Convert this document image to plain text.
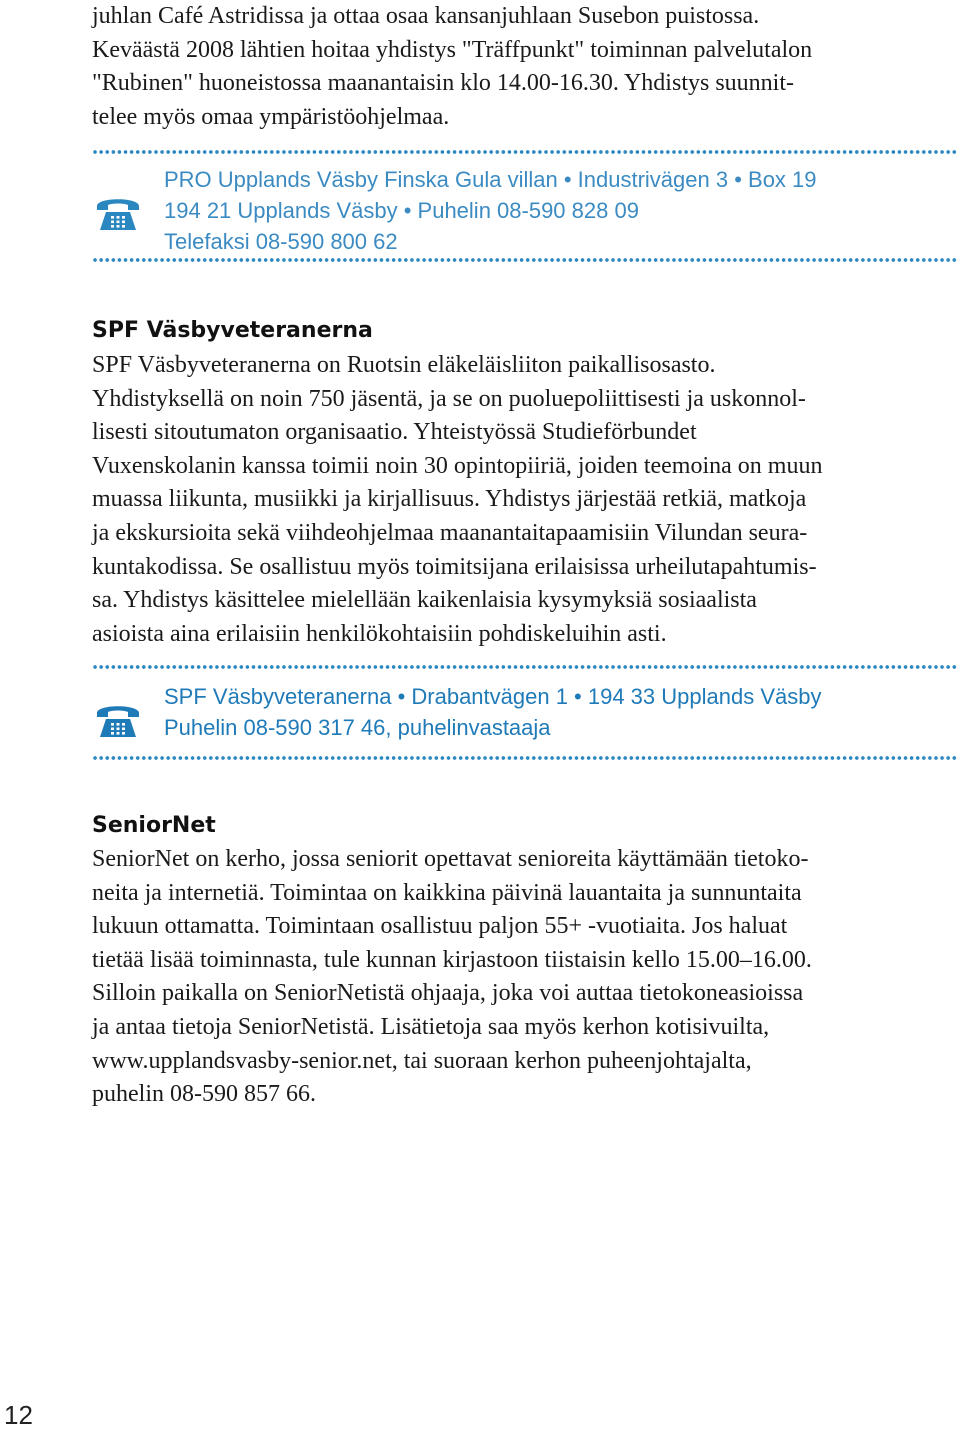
juhlan Café Astridissa ja ottaa osaa kansanjuhlaan Susebon puistossa.
Keväästä 2008 lähtien hoitaa yhdistys "Träffpunkt" toiminnan palvelutalon
"Rubinen" huoneistossa maanantaisin klo 14.00-16.30. Yhdistys suunnit-
telee myös omaa ympäristöohjelmaa.
PRO Upplands Väsby Finska Gula villan • Industrivägen 3 • Box 19
194 21 Upplands Väsby • Puhelin 08-590 828 09
Telefaksi 08-590 800 62
SPF Väsbyveteranerna
SPF Väsbyveteranerna on Ruotsin eläkeläisliiton paikallisosasto.
Yhdistyksellä on noin 750 jäsentä, ja se on puoluepoliittisesti ja uskonnol-
lisesti sitoutumaton organisaatio. Yhteistyössä Studieförbundet
Vuxenskolanin kanssa toimii noin 30 opintopiiriä, joiden teemoina on muun
muassa liikunta, musiikki ja kirjallisuus. Yhdistys järjestää retkiä, matkoja
ja ekskursioita sekä viihdeohjelmaa maanantaitapaamisiin Vilundan seura-
kuntakodissa. Se osallistuu myös toimitsijana erilaisissa urheilutapahtumis-
sa. Yhdistys käsittelee mielellään kaikenlaisia kysymyksiä sosiaalista
asioista aina erilaisiin henkilökohtaisiin pohdiskeluihin asti.
SPF Väsbyveteranerna • Drabantvägen 1 • 194 33 Upplands Väsby
Puhelin 08-590 317 46, puhelinvastaaja
SeniorNet
SeniorNet on kerho, jossa seniorit opettavat senioreita käyttämään tietoko-
neita ja internetiä. Toimintaa on kaikkina päivinä lauantaita ja sunnuntaita
lukuun ottamatta. Toimintaan osallistuu paljon 55+ -vuotiaita. Jos haluat
tietää lisää toiminnasta, tule kunnan kirjastoon tiistaisin kello 15.00–16.00.
Silloin paikalla on SeniorNetistä ohjaaja, joka voi auttaa tietokoneasioissa
ja antaa tietoja SeniorNetistä. Lisätietoja saa myös kerhon kotisivuilta,
www.upplandsvasby-senior.net, tai suoraan kerhon puheenjohtajalta,
puhelin 08-590 857 66.
12
